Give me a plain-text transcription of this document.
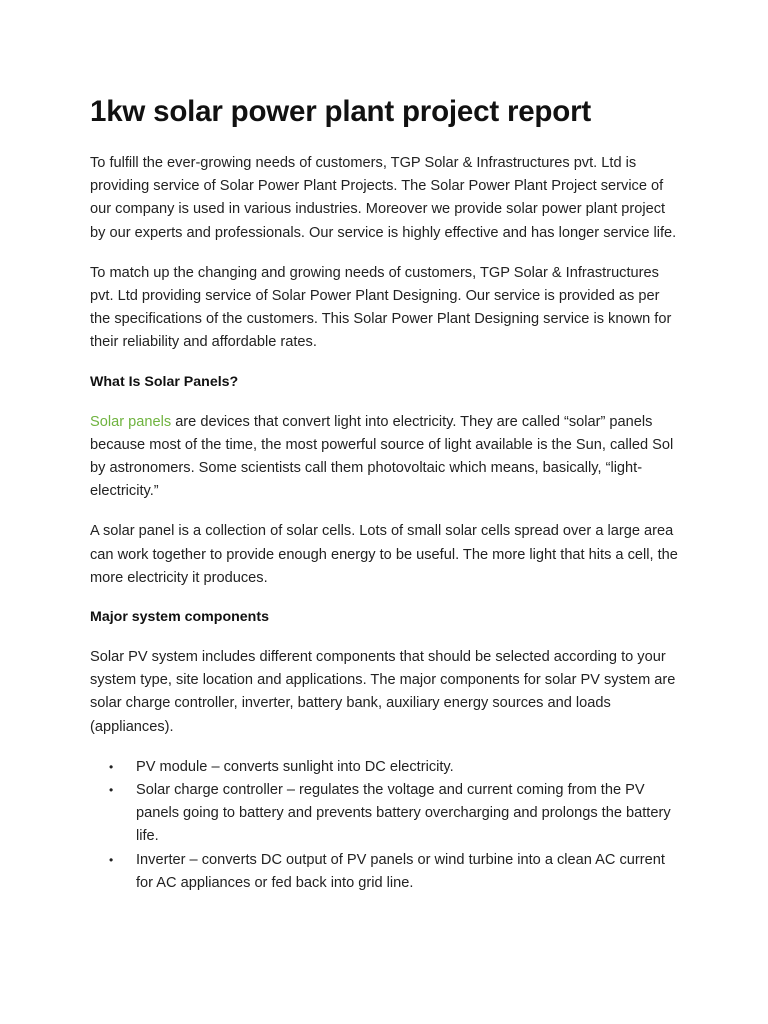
1kw solar power plant project report

To fulfill the ever-growing needs of customers, TGP Solar & Infrastructures pvt. Ltd is providing service of Solar Power Plant Projects. The Solar Power Plant Project service of our company is used in various industries. Moreover we provide solar power plant project by our experts and professionals. Our service is highly effective and has longer service life.

To match up the changing and growing needs of customers, TGP Solar & Infrastructures pvt. Ltd providing service of Solar Power Plant Designing. Our service is provided as per the specifications of the customers. This Solar Power Plant Designing service is known for their reliability and affordable rates.

What Is Solar Panels?

Solar panels are devices that convert light into electricity. They are called “solar” panels because most of the time, the most powerful source of light available is the Sun, called Sol by astronomers. Some scientists call them photovoltaic which means, basically, “light-electricity.”

A solar panel is a collection of solar cells. Lots of small solar cells spread over a large area can work together to provide enough energy to be useful. The more light that hits a cell, the more electricity it produces.

Major system components

Solar PV system includes different components that should be selected according to your system type, site location and applications. The major components for solar PV system are solar charge controller, inverter, battery bank, auxiliary energy sources and loads (appliances).

• PV module – converts sunlight into DC electricity.
• Solar charge controller – regulates the voltage and current coming from the PV panels going to battery and prevents battery overcharging and prolongs the battery life.
• Inverter – converts DC output of PV panels or wind turbine into a clean AC current for AC appliances or fed back into grid line.
